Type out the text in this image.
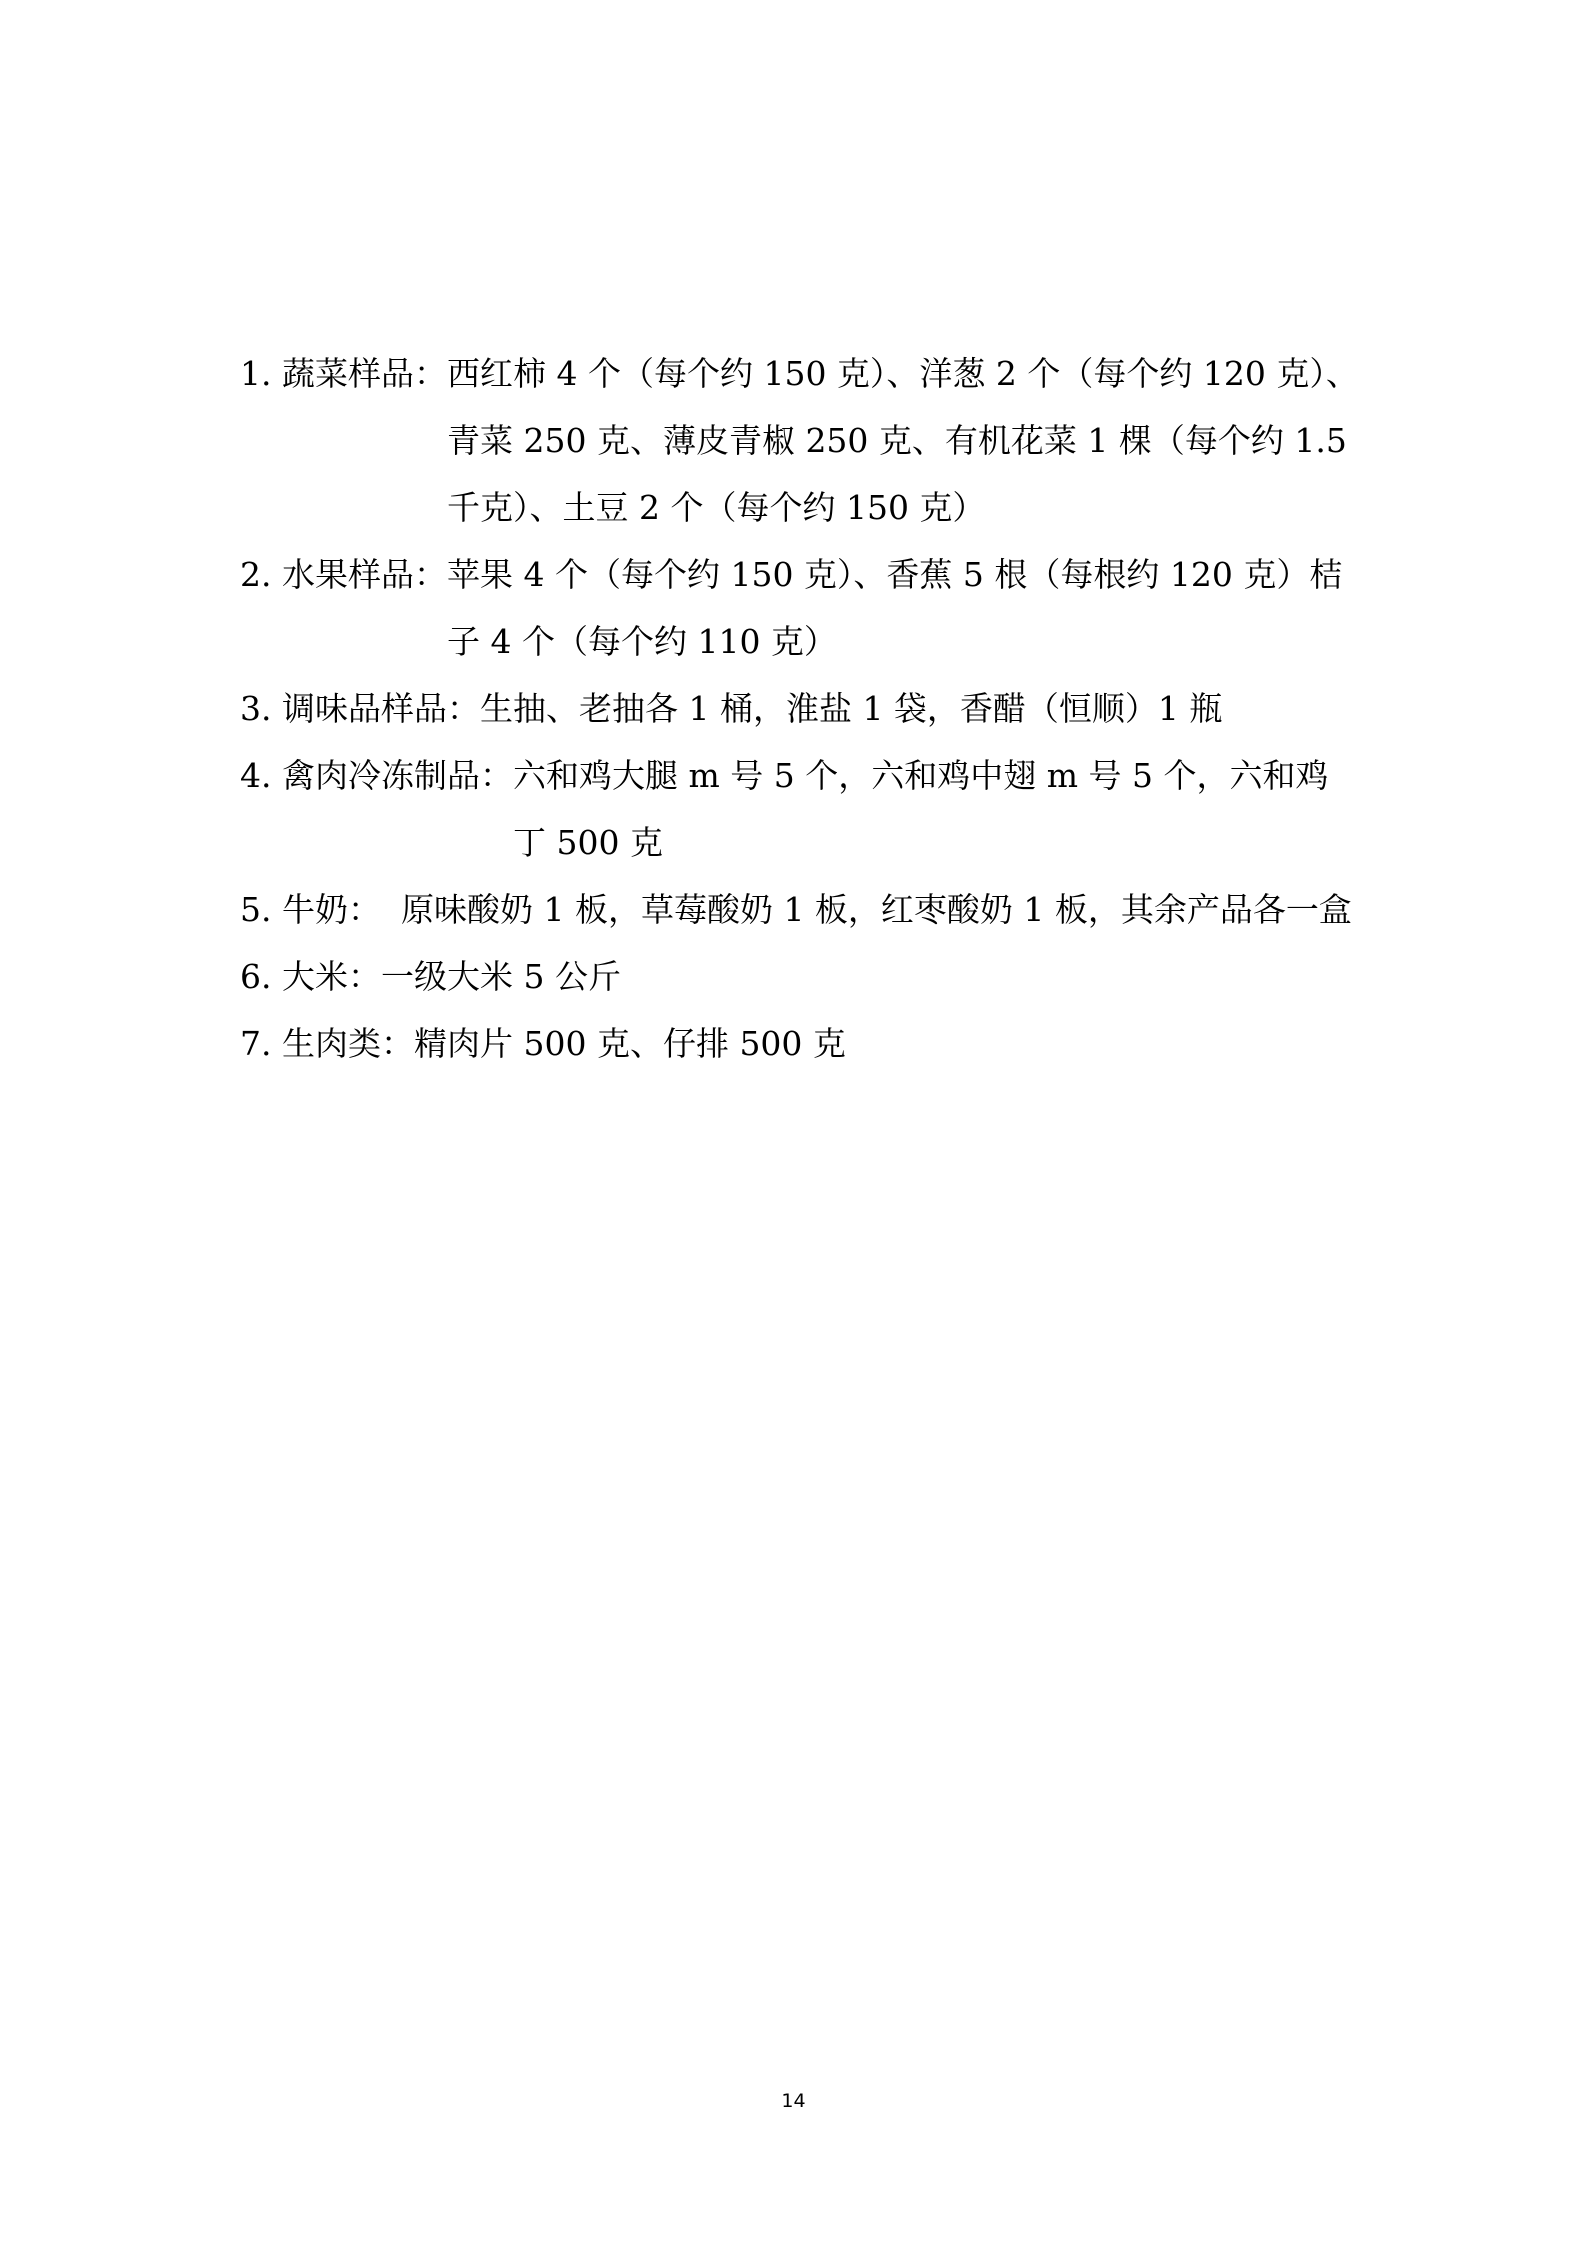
1. 蔬菜样品： 西红柿 4 个（每个约 150 克）、洋葱 2 个（每个约 120 克）、青菜 250 克、薄皮青椒 250 克、有机花菜 1 棵（每个约 1.5 千克）、土豆 2 个（每个约 150 克）
2. 水果样品： 苹果 4 个（每个约 150 克）、香蕉 5 根（每根约 120 克）桔子 4 个（每个约 110 克）
3. 调味品样品： 生抽、老抽各 1 桶，淮盐 1 袋，香醋（恒顺）1 瓶
4. 禽肉冷冻制品： 六和鸡大腿 m 号 5 个，六和鸡中翅 m 号 5 个，六和鸡丁 500 克
5. 牛奶： 原味酸奶 1 板，草莓酸奶 1 板，红枣酸奶 1 板，其余产品各一盒
6. 大米： 一级大米 5 公斤
7. 生肉类： 精肉片 500 克、仔排 500 克
14
